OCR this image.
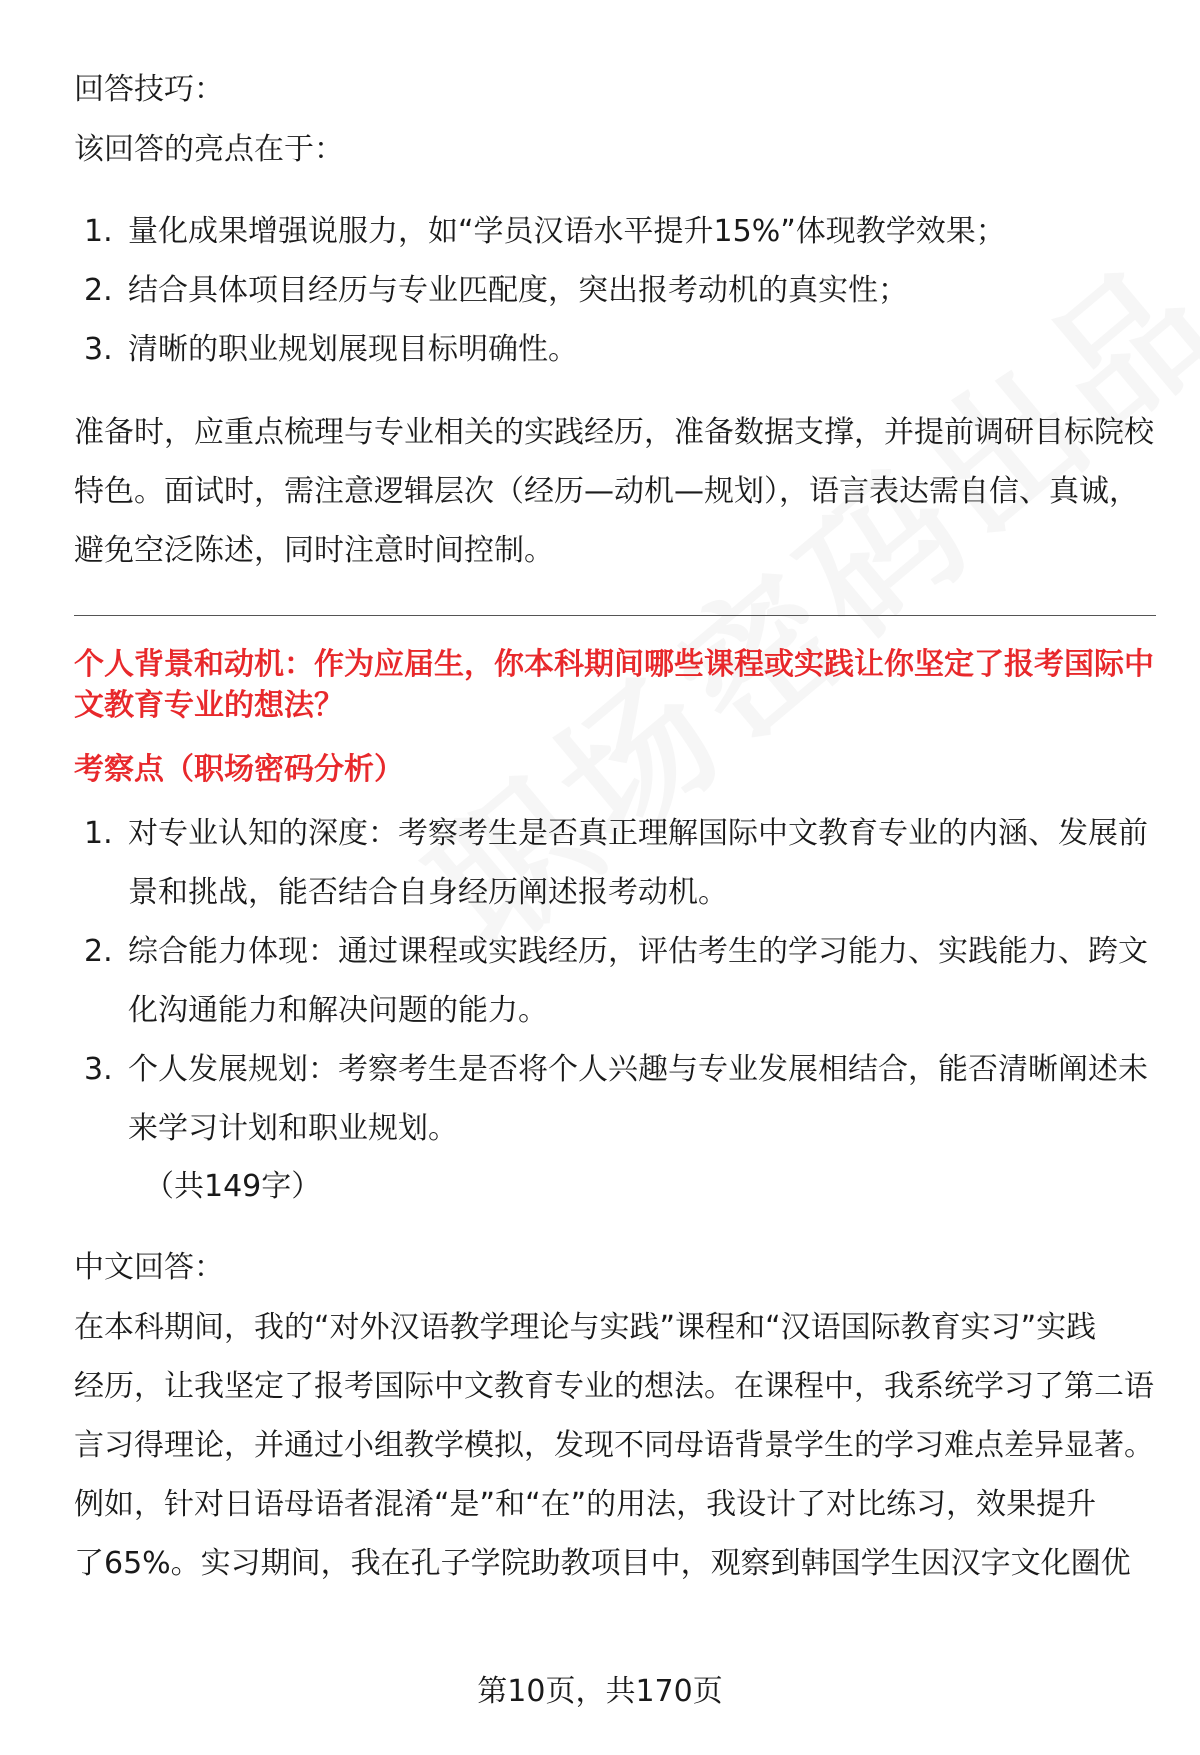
回答技巧：

该回答的亮点在于：

1. 量化成果增强说服力，如“学员汉语水平提升15%”体现教学效果；
2. 结合具体项目经历与专业匹配度，突出报考动机的真实性；
3. 清晰的职业规划展现目标明确性。

准备时，应重点梳理与专业相关的实践经历，准备数据支撑，并提前调研目标院校

特色。面试时，需注意逻辑层次（经历—动机—规划），语言表达需自信、真诚，

避免空泛陈述，同时注意时间控制。

个人背景和动机：作为应届生，你本科期间哪些课程或实践让你坚定了报考国际中

文教育专业的想法？

考察点（职场密码分析）

1. 对专业认知的深度：考察考生是否真正理解国际中文教育专业的内涵、发展前
景和挑战，能否结合自身经历阐述报考动机。
2. 综合能力体现：通过课程或实践经历，评估考生的学习能力、实践能力、跨文
化沟通能力和解决问题的能力。
3. 个人发展规划：考察考生是否将个人兴趣与专业发展相结合，能否清晰阐述未
来学习计划和职业规划。
（共149字）

中文回答：

在本科期间，我的“对外汉语教学理论与实践”课程和“汉语国际教育实习”实践

经历，让我坚定了报考国际中文教育专业的想法。在课程中，我系统学习了第二语

言习得理论，并通过小组教学模拟，发现不同母语背景学生的学习难点差异显著。

例如，针对日语母语者混淆“是”和“在”的用法，我设计了对比练习，效果提升

了65%。实习期间，我在孔子学院助教项目中，观察到韩国学生因汉字文化圈优

第10页，共170页
